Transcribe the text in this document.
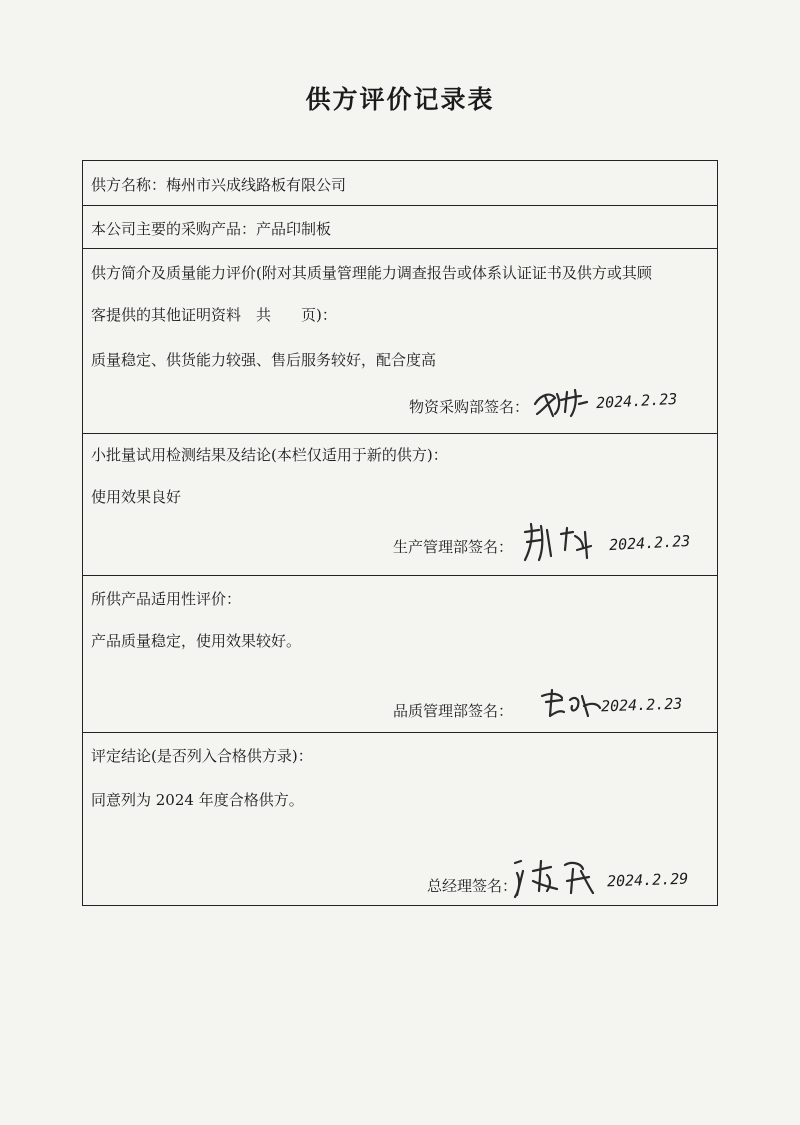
供方评价记录表
供方名称：梅州市兴成线路板有限公司
本公司主要的采购产品：产品印制板
供方简介及质量能力评价(附对其质量管理能力调查报告或体系认证证书及供方或其顾
客提供的其他证明资料　共　　页)：
质量稳定、供货能力较强、售后服务较好，配合度高
物资采购部签名：	2024.2.23
小批量试用检测结果及结论(本栏仅适用于新的供方)：
使用效果良好
生产管理部签名：	2024.2.23
所供产品适用性评价：
产品质量稳定，使用效果较好。
品质管理部签名：	2024.2.23
评定结论(是否列入合格供方录)：
同意列为 2024 年度合格供方。
总经理签名：	2024.2.29
